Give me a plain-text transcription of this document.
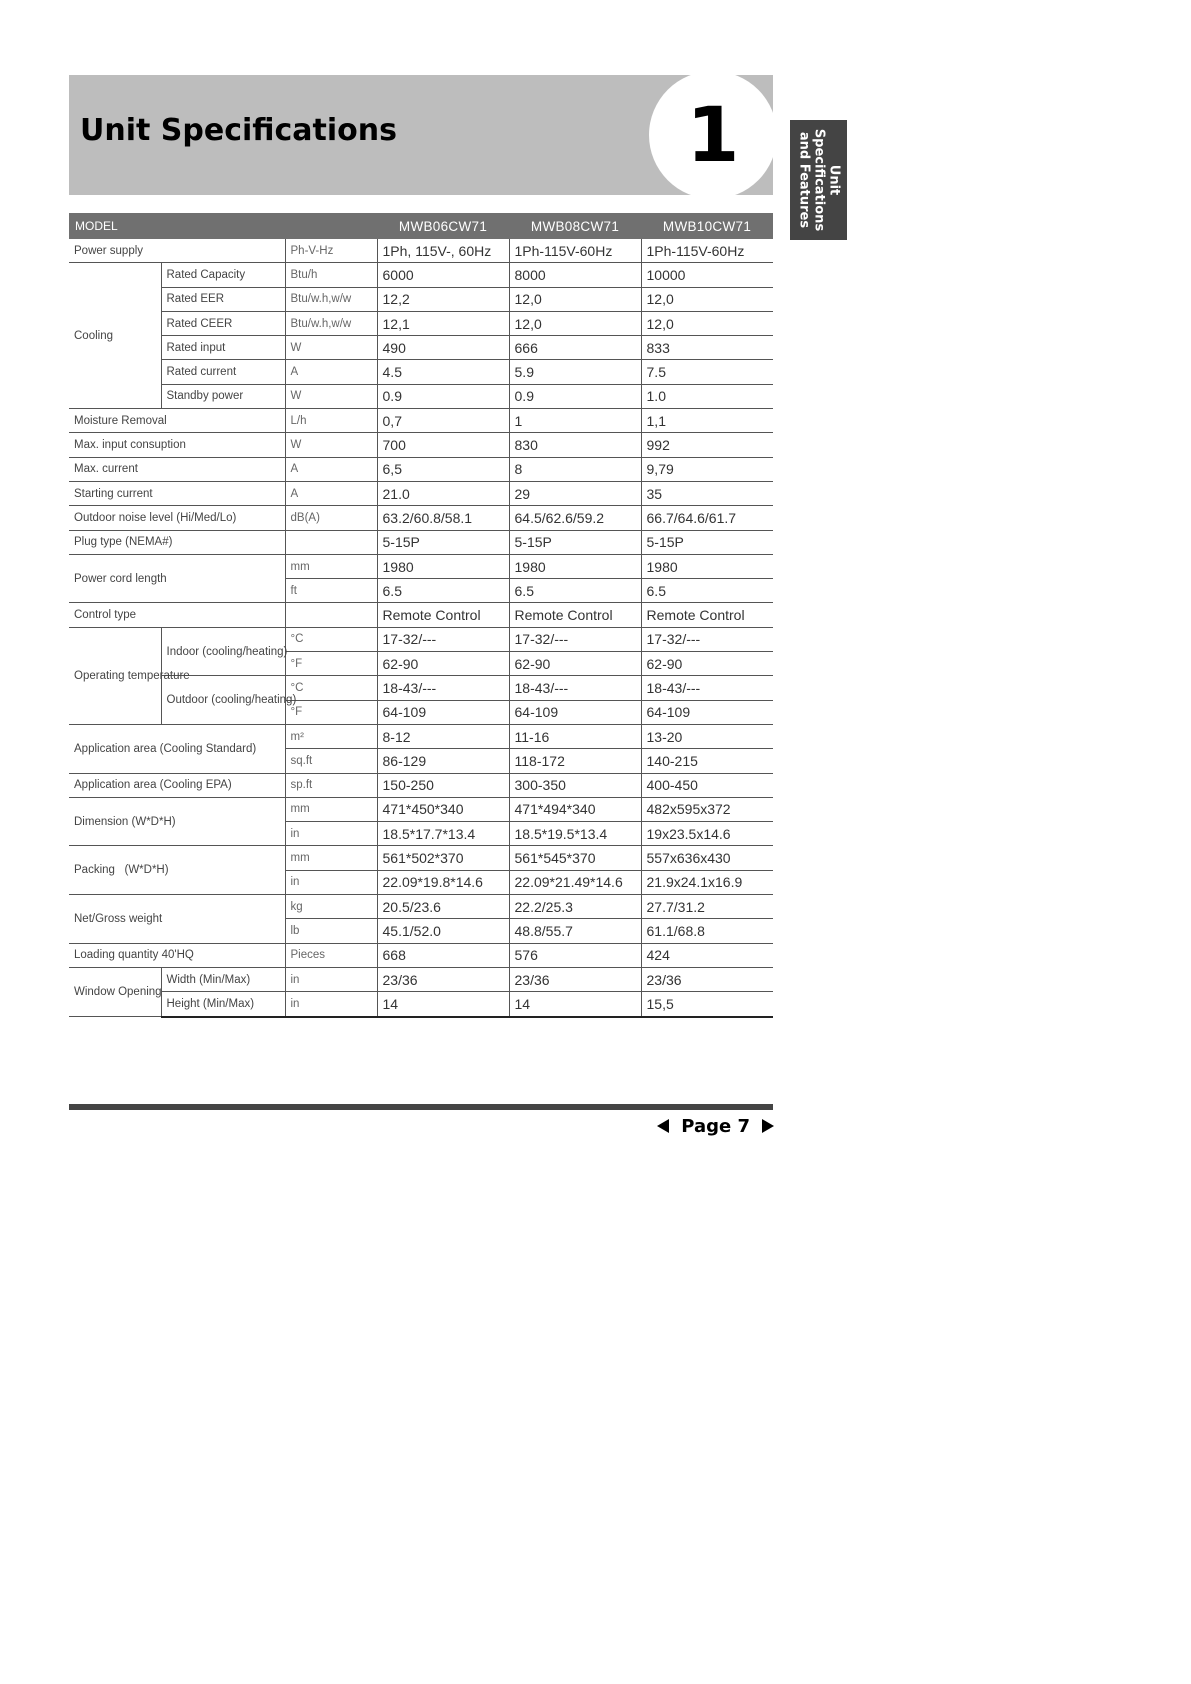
Unit Specifications	1
Unit
Specifications
and Features
MODEL			MWB06CW71	MWB08CW71	MWB10CW71
Power supply		Ph-V-Hz	1Ph, 115V-, 60Hz	1Ph-115V-60Hz	1Ph-115V-60Hz
Cooling	Rated Capacity	Btu/h	6000	8000	10000
	Rated EER	Btu/w.h,w/w	12,2	12,0	12,0
	Rated CEER	Btu/w.h,w/w	12,1	12,0	12,0
	Rated input	W	490	666	833
	Rated current	A	4.5	5.9	7.5
	Standby power	W	0.9	0.9	1.0
Moisture Removal		L/h	0,7	1	1,1
Max. input consuption		W	700	830	992
Max. current		A	6,5	8	9,79
Starting current		A	21.0	29	35
Outdoor noise level (Hi/Med/Lo)		dB(A)	63.2/60.8/58.1	64.5/62.6/59.2	66.7/64.6/61.7
Plug type (NEMA#)			5-15P	5-15P	5-15P
Power cord length		mm	1980	1980	1980
		ft	6.5	6.5	6.5
Control type			Remote Control	Remote Control	Remote Control
Operating temperature	Indoor (cooling/heating)	°C	17-32/---	17-32/---	17-32/---
		°F	62-90	62-90	62-90
	Outdoor (cooling/heating)	°C	18-43/---	18-43/---	18-43/---
		°F	64-109	64-109	64-109
Application area (Cooling Standard)		m²	8-12	11-16	13-20
		sq.ft	86-129	118-172	140-215
Application area (Cooling EPA)		sp.ft	150-250	300-350	400-450
Dimension (W*D*H)		mm	471*450*340	471*494*340	482x595x372
		in	18.5*17.7*13.4	18.5*19.5*13.4	19x23.5x14.6
Packing   (W*D*H)		mm	561*502*370	561*545*370	557x636x430
		in	22.09*19.8*14.6	22.09*21.49*14.6	21.9x24.1x16.9
Net/Gross weight		kg	20.5/23.6	22.2/25.3	27.7/31.2
		lb	45.1/52.0	48.8/55.7	61.1/68.8
Loading quantity 40'HQ		Pieces	668	576	424
Window Opening	Width (Min/Max)	in	23/36	23/36	23/36
	Height (Min/Max)	in	14	14	15,5
Page 7
